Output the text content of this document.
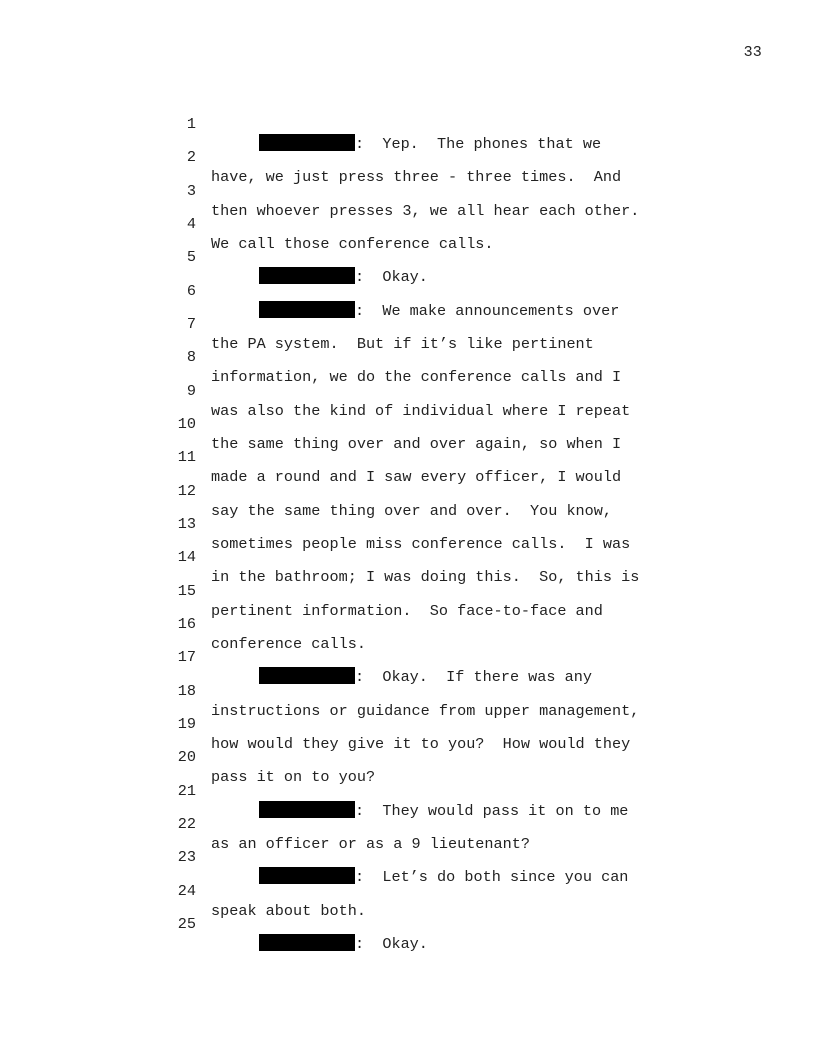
33

1

:  Yep.  The phones that we

2

have, we just press three - three times.  And

3

then whoever presses 3, we all hear each other.

4

We call those conference calls.

5

:  Okay.

6

:  We make announcements over

7

the PA system.  But if it’s like pertinent

8

information, we do the conference calls and I

9

was also the kind of individual where I repeat

10

the same thing over and over again, so when I

11

made a round and I saw every officer, I would

12

say the same thing over and over.  You know,

13

sometimes people miss conference calls.  I was

14

in the bathroom; I was doing this.  So, this is

15

pertinent information.  So face-to-face and

16

conference calls.

17

:  Okay.  If there was any

18

instructions or guidance from upper management,

19

how would they give it to you?  How would they

20

pass it on to you?

21

:  They would pass it on to me

22

as an officer or as a 9 lieutenant?

23

:  Let’s do both since you can

24

speak about both.

25

:  Okay.
